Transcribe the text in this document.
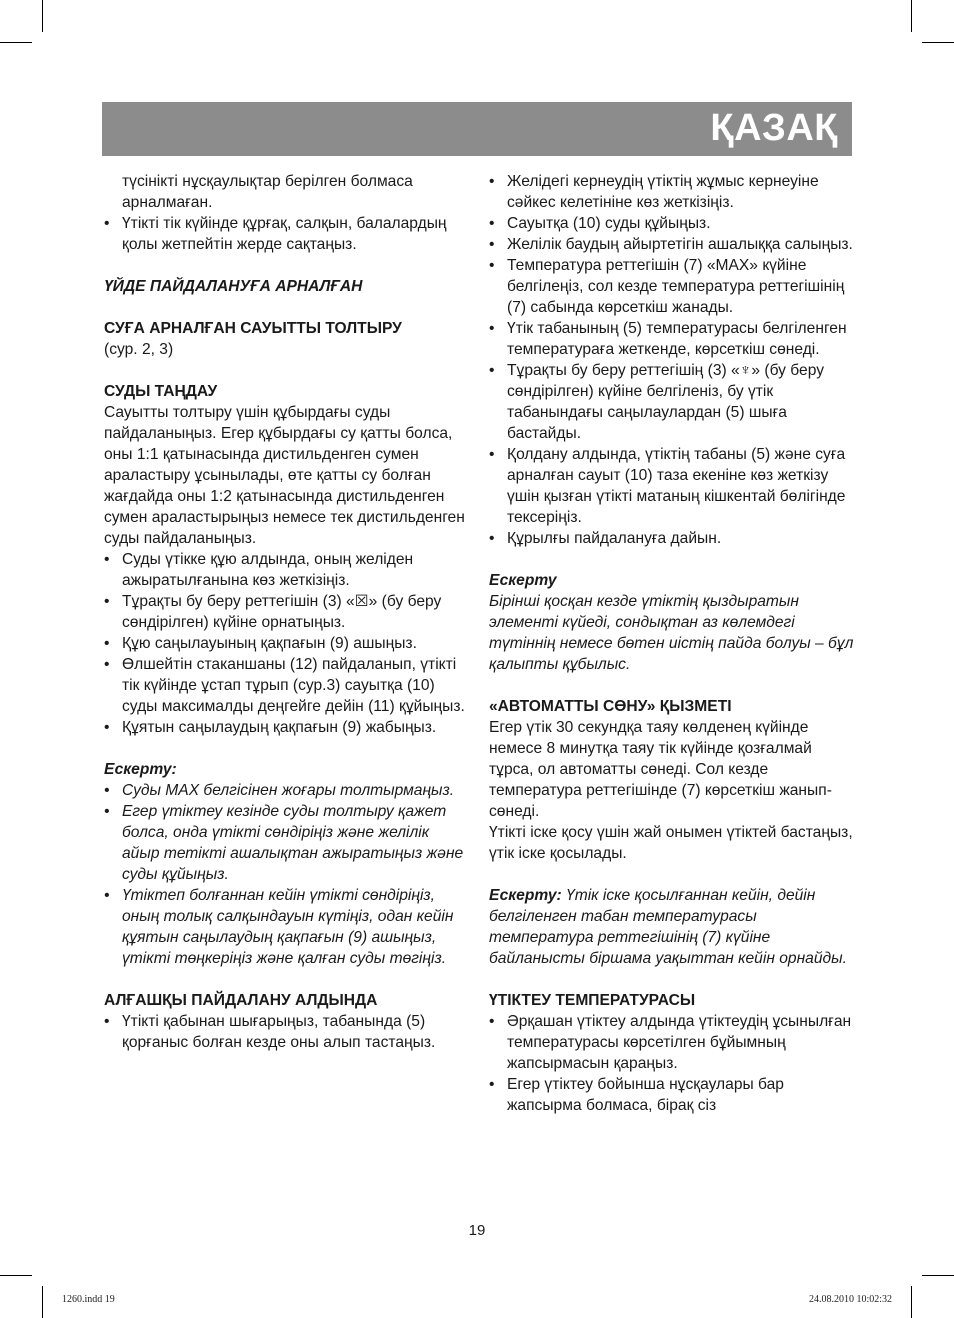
ҚАЗАҚ

түсінікті нұсқаулықтар берілген болмаса арналмаған.

• Үтікті тік күйінде құрғақ, салқын, балалардың қолы жетпейтін жерде сақтаңыз.

ҮЙДЕ ПАЙДАЛАНУҒА АРНАЛҒАН

СУҒА АРНАЛҒАН САУЫТТЫ ТОЛТЫРУ

(сур. 2, 3)

СУДЫ ТАҢДАУ

Сауытты толтыру үшін құбырдағы суды пайдаланыңыз. Егер құбырдағы су қатты болса, оны 1:1 қатынасында дистильденген сумен араластыру ұсынылады, өте қатты су болған жағдайда оны 1:2 қатынасында дистильденген сумен араластырыңыз немесе тек дистильденген суды пайдаланыңыз.

• Суды үтікке құю алдында, оның желіден ажыратылғанына көз жеткізіңіз.
• Тұрақты бу беру реттегішін (3) «☒» (бу беру сөндірілген) күйіне орнатыңыз.
• Құю саңылауының қақпағын (9) ашыңыз.
• Өлшейтін стаканшаны (12) пайдаланып, үтікті тік күйінде ұстап тұрып (сур.3) сауытқа (10) суды максималды деңгейге дейін (11) құйыңыз.
• Құятын саңылаудың қақпағын (9) жабыңыз.

Ескерту:

• Суды MAX белгісінен жоғары толтырмаңыз.
• Егер үтіктеу кезінде суды толтыру қажет болса, онда үтікті сөндіріңіз және желілік айыр тетікті ашалықтан ажыратыңыз және суды құйыңыз.
• Үтіктеп болғаннан кейін үтікті сөндіріңіз, оның толық салқындауын күтіңіз, одан кейін құятын саңылаудың қақпағын (9) ашыңыз, үтікті төңкеріңіз және қалған суды төгіңіз.

АЛҒАШҚЫ ПАЙДАЛАНУ АЛДЫНДА

• Үтікті қабынан шығарыңыз, табанында (5) қорғаныс болған кезде оны алып тастаңыз.
• Желідегі кернеудің үтіктің жұмыс кернеуіне сәйкес келетініне көз жеткізіңіз.
• Сауытқа (10) суды құйыңыз.
• Желілік баудың айыртетігін ашалыққа салыңыз.
• Температура реттегішін (7) «MAX» күйіне белгілеңіз, сол кезде температура реттегішінің (7) сабында көрсеткіш жанады.
• Үтік табанының (5) температурасы белгіленген температураға жеткенде, көрсеткіш сөнеді.
• Тұрақты бу беру реттегішің (3) «♆» (бу беру сөндірілген) күйіне белгіленіз, бу үтік табанындағы саңылаулардан (5) шыға бастайды.
• Қолдану алдында, үтіктің табаны (5) және суға арналған сауыт (10) таза екеніне көз жеткізу үшін қызған үтікті матаның кішкентай бөлігінде тексеріңіз.
• Құрылғы пайдалануға дайын.

Ескерту

Бірінші қосқан кезде үтіктің қыздыратын элементі күйеді, сондықтан аз көлемдегі түтіннің немесе бөтен иістің пайда болуы – бұл қалыпты құбылыс.

«АВТОМАТТЫ СӨНУ» ҚЫЗМЕТІ

Егер үтік 30 секундқа таяу көлденең күйінде немесе 8 минутқа таяу тік күйінде қозғалмай тұрса, ол автоматты сөнеді. Сол кезде температура реттегішінде (7) көрсеткіш жанып-сөнеді.

Үтікті іске қосу үшін жай онымен үтіктей бастаңыз, үтік іске қосылады.

Ескерту: Үтік іске қосылғаннан кейін, дейін белгіленген табан температурасы температура реттегішінің (7) күйіне байланысты біршама уақыттан кейін орнайды.

ҮТІКТЕУ ТЕМПЕРАТУРАСЫ

• Әрқашан үтіктеу алдында үтіктеудің ұсынылған температурасы көрсетілген бұйымның жапсырмасын қараңыз.
• Егер үтіктеу бойынша нұсқаулары бар жапсырма болмаса, бірақ сіз
19
1260.indd 19	24.08.2010 10:02:32
